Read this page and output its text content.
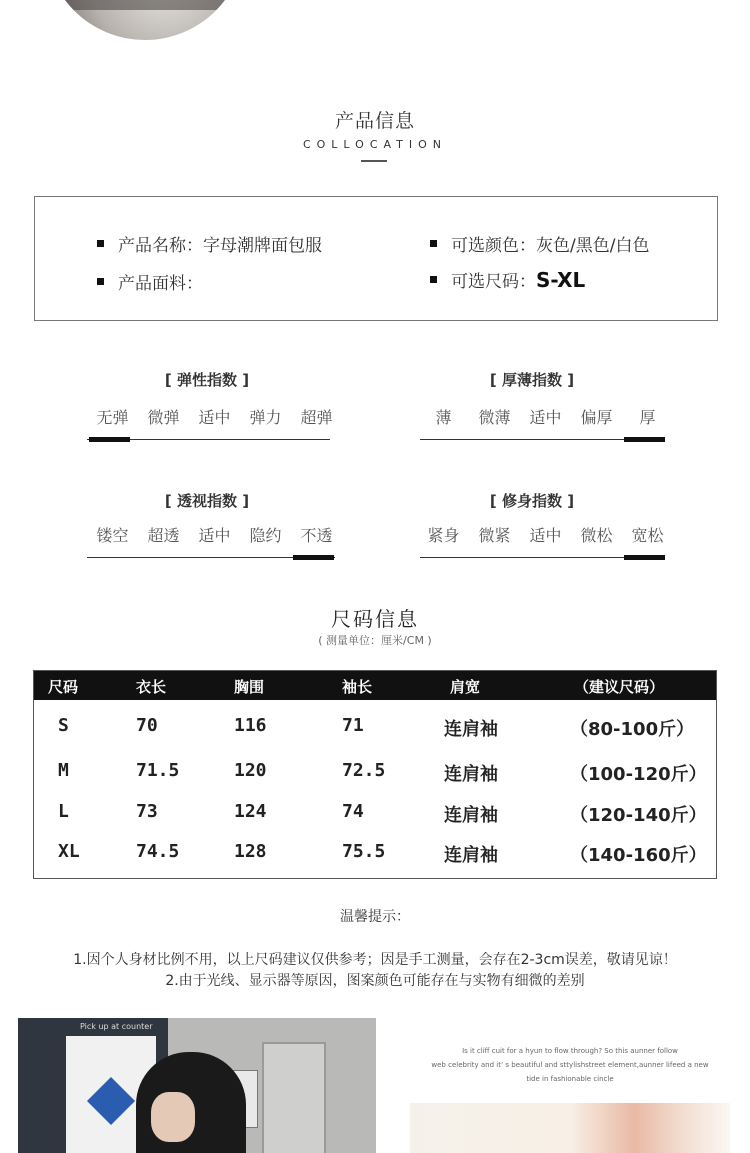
产品信息
COLLOCATION
产品名称： 字母潮牌面包服
产品面料：
可选颜色： 灰色/黑色/白色
可选尺码： S-XL
[ 弹性指数 ]
无弹	微弹	适中	弹力	超弹
[ 厚薄指数 ]
薄	微薄	适中	偏厚	厚
[ 透视指数 ]
镂空	超透	适中	隐约	不透
[ 修身指数 ]
紧身	微紧	适中	微松	宽松
尺码信息
( 测量单位：厘米/CM )
尺码	衣长	胸围	袖长	肩宽	（建议尺码）
S	70	116	71	连肩袖	（80-100斤）
M	71.5	120	72.5	连肩袖	（100-120斤）
L	73	124	74	连肩袖	（120-140斤）
XL	74.5	128	75.5	连肩袖	（140-160斤）
温馨提示：
1.因个人身材比例不用，以上尺码建议仅供参考；因是手工测量，会存在2-3cm误差，敬请见谅！
2.由于光线、显示器等原因，图案颜色可能存在与实物有细微的差别
Pick up at counter
Is it cliff cuit for a hyun to flow through? So this aunner follow
web celebrity and it’ s beautiful and sttylishstreet element,aunner lifeed a new
tide in fashionable cincle
